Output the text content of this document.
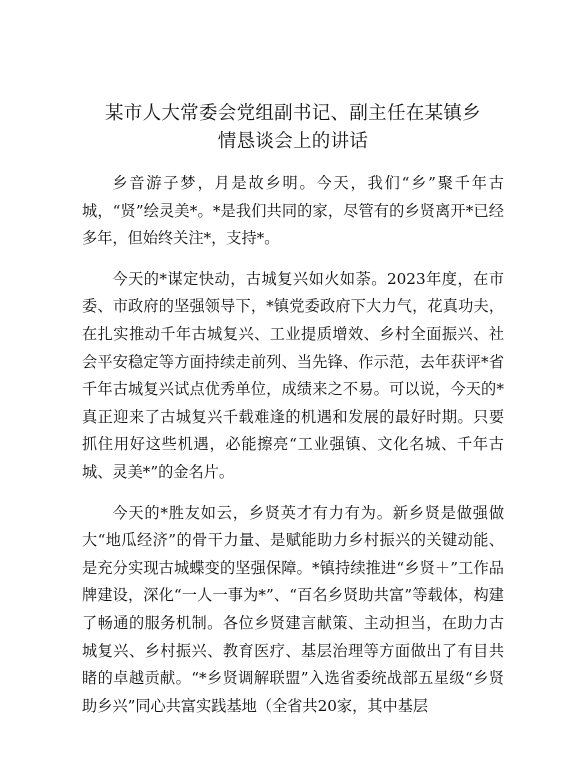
某市人大常委会党组副书记、副主任在某镇乡
情恳谈会上的讲话

乡音游子梦，月是故乡明。今天，我们“乡”聚千年古城，“贤”绘灵美*。*是我们共同的家，尽管有的乡贤离开*已经多年，但始终关注*，支持*。

今天的*谋定快动，古城复兴如火如荼。2023年度，在市委、市政府的坚强领导下，*镇党委政府下大力气，花真功夫，在扎实推动千年古城复兴、工业提质增效、乡村全面振兴、社会平安稳定等方面持续走前列、当先锋、作示范，去年获评*省千年古城复兴试点优秀单位，成绩来之不易。可以说，今天的*真正迎来了古城复兴千载难逢的机遇和发展的最好时期。只要抓住用好这些机遇，必能擦亮“工业强镇、文化名城、千年古城、灵美*”的金名片。

今天的*胜友如云，乡贤英才有力有为。新乡贤是做强做大“地瓜经济”的骨干力量、是赋能助力乡村振兴的关键动能、是充分实现古城蝶变的坚强保障。*镇持续推进“乡贤＋”工作品牌建设，深化“一人一事为*”、“百名乡贤助共富”等载体，构建了畅通的服务机制。各位乡贤建言献策、主动担当，在助力古城复兴、乡村振兴、教育医疗、基层治理等方面做出了有目共睹的卓越贡献。“*乡贤调解联盟”入选省委统战部五星级“乡贤助乡兴”同心共富实践基地（全省共20家，其中基层
